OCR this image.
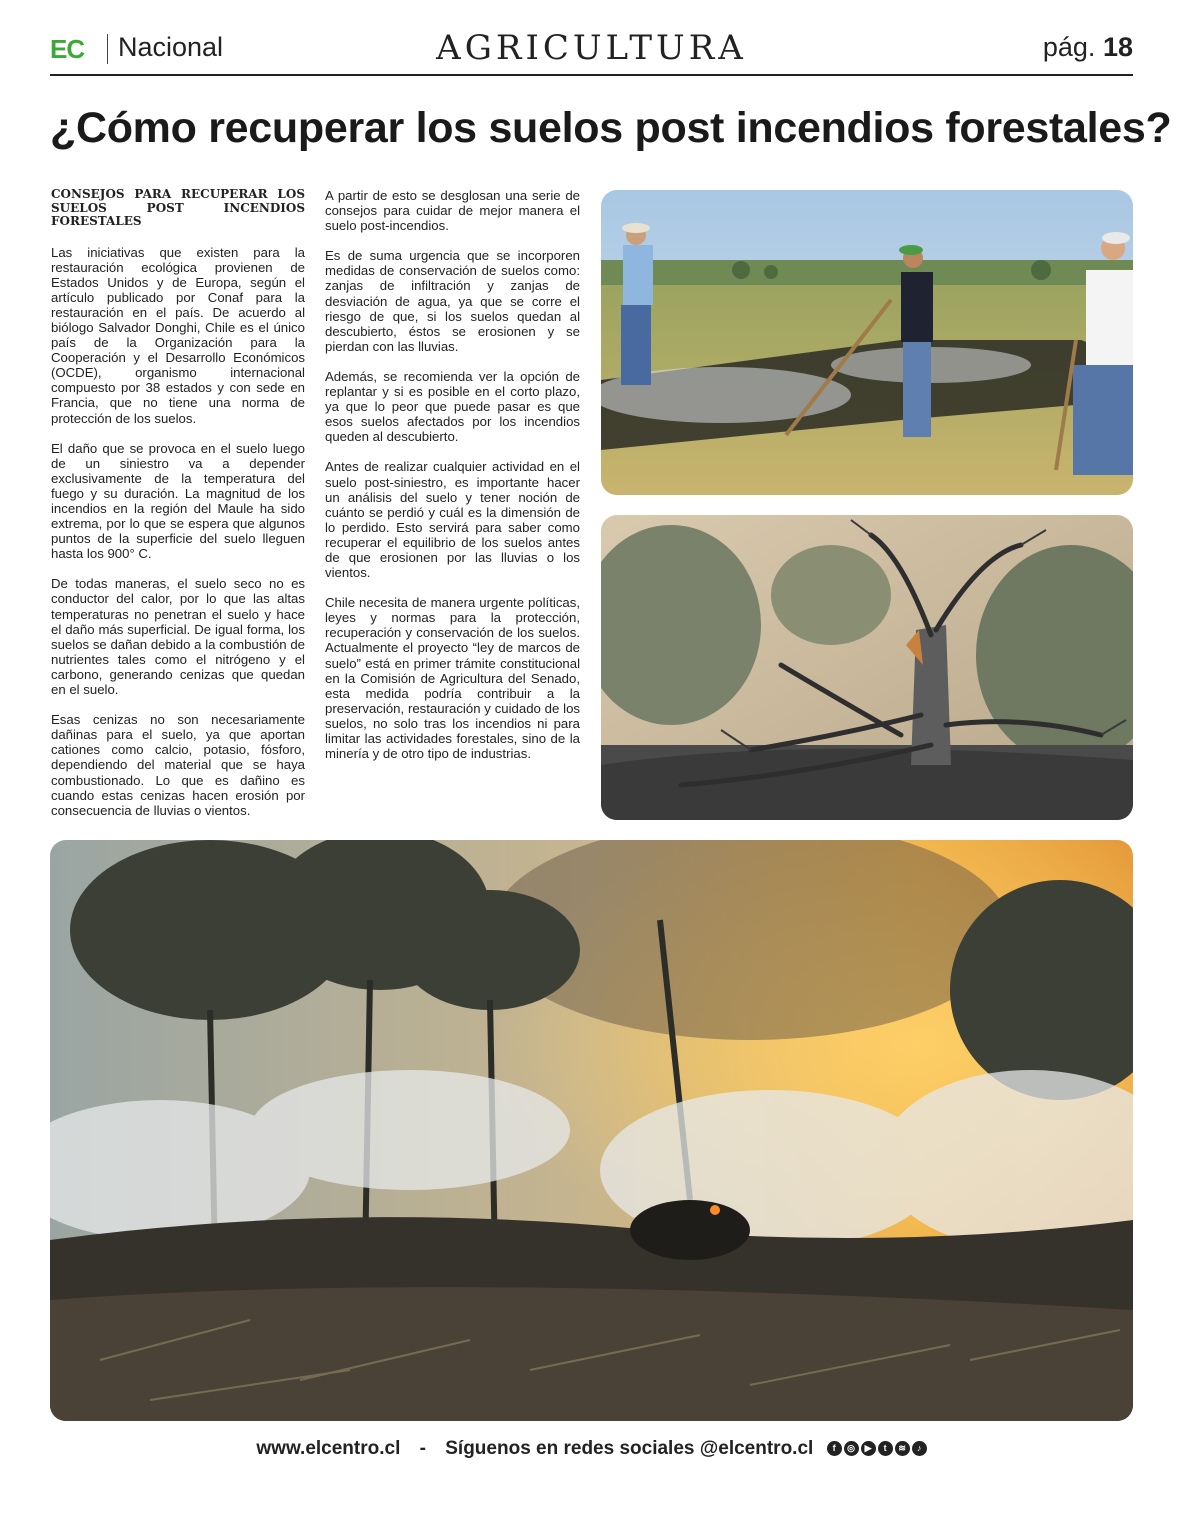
EC Nacional	AGRICULTURA	pág. 18
¿Cómo recuperar los suelos post incendios forestales?
CONSEJOS PARA RECUPERAR LOS SUELOS POST INCENDIOS FORESTALES

Las iniciativas que existen para la restauración ecológica provienen de Estados Unidos y de Europa, según el artículo publicado por Conaf para la restauración en el país. De acuerdo al biólogo Salvador Donghi, Chile es el único país de la Organización para la Cooperación y el Desarrollo Económicos (OCDE), organismo internacional compuesto por 38 estados y con sede en Francia, que no tiene una norma de protección de los suelos.

El daño que se provoca en el suelo luego de un siniestro va a depender exclusivamente de la temperatura del fuego y su duración. La magnitud de los incendios en la región del Maule ha sido extrema, por lo que se espera que algunos puntos de la superficie del suelo lleguen hasta los 900° C.

De todas maneras, el suelo seco no es conductor del calor, por lo que las altas temperaturas no penetran el suelo y hace el daño más superficial. De igual forma, los suelos se dañan debido a la combustión de nutrientes tales como el nitrógeno y el carbono, generando cenizas que quedan en el suelo.

Esas cenizas no son necesariamente dañinas para el suelo, ya que aportan cationes como calcio, potasio, fósforo, dependiendo del material que se haya combustionado. Lo que es dañino es cuando estas cenizas hacen erosión por consecuencia de lluvias o vientos.

A partir de esto se desglosan una serie de consejos para cuidar de mejor manera el suelo post-incendios.

Es de suma urgencia que se incorporen medidas de conservación de suelos como: zanjas de infiltración y zanjas de desviación de agua, ya que se corre el riesgo de que, si los suelos quedan al descubierto, éstos se erosionen y se pierdan con las lluvias.

Además, se recomienda ver la opción de replantar y si es posible en el corto plazo, ya que lo peor que puede pasar es que esos suelos afectados por los incendios queden al descubierto.

Antes de realizar cualquier actividad en el suelo post-siniestro, es importante hacer un análisis del suelo y tener noción de cuánto se perdió y cuál es la dimensión de lo perdido. Esto servirá para saber como recuperar el equilibrio de los suelos antes de que erosionen por las lluvias o los vientos.

Chile necesita de manera urgente políticas, leyes y normas para la protección, recuperación y conservación de los suelos. Actualmente el proyecto “ley de marcos de suelo” está en primer trámite constitucional en la Comisión de Agricultura del Senado, esta medida podría contribuir a la preservación, restauración y cuidado de los suelos, no solo tras los incendios ni para limitar las actividades forestales, sino de la minería y de otro tipo de industrias.

www.elcentro.cl - Síguenos en redes sociales @elcentro.cl f ◎ ▶ t ≋ ♪
